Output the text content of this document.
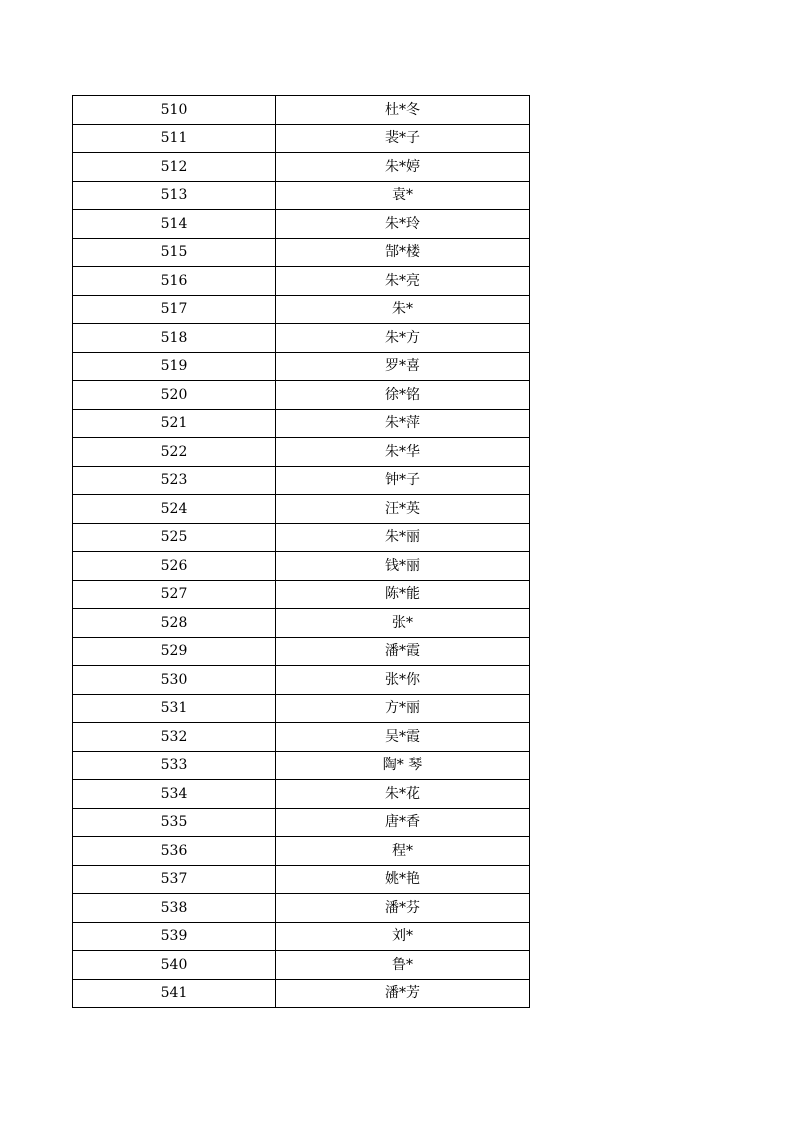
510	杜*冬
511	裴*子
512	朱*婷
513	袁*
514	朱*玲
515	郜*楼
516	朱*亮
517	朱*
518	朱*方
519	罗*喜
520	徐*铭
521	朱*萍
522	朱*华
523	钟*子
524	汪*英
525	朱*丽
526	钱*丽
527	陈*能
528	张*
529	潘*霞
530	张*你
531	方*丽
532	吴*霞
533	陶* 琴
534	朱*花
535	唐*香
536	程*
537	姚*艳
538	潘*芬
539	刘*
540	鲁*
541	潘*芳
